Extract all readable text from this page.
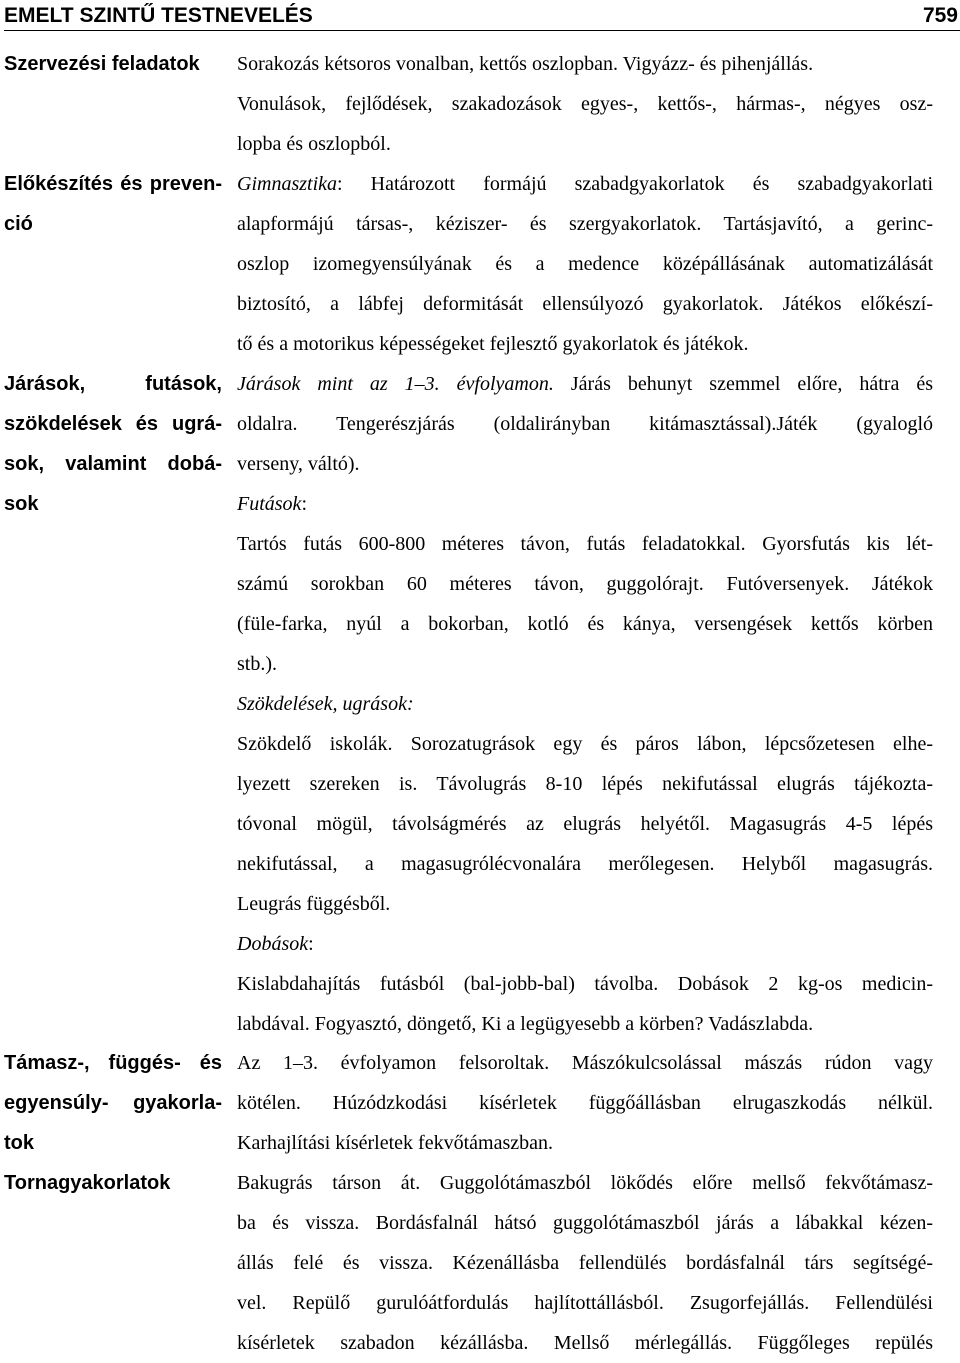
EMELT SZINTŰ TESTNEVELÉS	759
Szervezési feladatok
Előkészítés és preven-
ció
Járások, futások,
szökdelések és ugrá-
sok, valamint dobá-
sok
Támasz-, függés- és
egyensúly- gyakorla-
tok
Tornagyakorlatok
Sorakozás kétsoros vonalban, kettős oszlopban. Vigyázz- és pihenjállás.
Vonulások, fejlődések, szakadozások egyes-, kettős-, hármas-, négyes osz-
lopba és oszlopból.
Gimnasztika: Határozott formájú szabadgyakorlatok és szabadgyakorlati
alapformájú társas-, kéziszer- és szergyakorlatok. Tartásjavító, a gerinc-
oszlop izomegyensúlyának és a medence középállásának automatizálását
biztosító, a lábfej deformitását ellensúlyozó gyakorlatok. Játékos előkészí-
tő és a motorikus képességeket fejlesztő gyakorlatok és játékok.
Járások mint az 1–3. évfolyamon. Járás behunyt szemmel előre, hátra és
oldalra. Tengerészjárás (oldalirányban kitámasztással).Játék (gyalogló
verseny, váltó).
Futások:
Tartós futás 600-800 méteres távon, futás feladatokkal. Gyorsfutás kis lét-
számú sorokban 60 méteres távon, guggolórajt. Futóversenyek. Játékok
(füle-farka, nyúl a bokorban, kotló és kánya, versengések kettős körben
stb.).
Szökdelések, ugrások:
Szökdelő iskolák. Sorozatugrások egy és páros lábon, lépcsőzetesen elhe-
lyezett szereken is. Távolugrás 8-10 lépés nekifutással elugrás tájékozta-
tóvonal mögül, távolságmérés az elugrás helyétől. Magasugrás 4-5 lépés
nekifutással, a magasugrólécvonalára merőlegesen. Helyből magasugrás.
Leugrás függésből.
Dobások:
Kislabdahajítás futásból (bal-jobb-bal) távolba. Dobások 2 kg-os medicin-
labdával. Fogyasztó, döngető, Ki a legügyesebb a körben? Vadászlabda.
Az 1–3. évfolyamon felsoroltak. Mászókulcsolással mászás rúdon vagy
kötélen. Húzódzkodási kísérletek függőállásban elrugaszkodás nélkül.
Karhajlítási kísérletek fekvőtámaszban.
Bakugrás társon át. Guggolótámaszból lökődés előre mellső fekvőtámasz-
ba és vissza. Bordásfalnál hátsó guggolótámaszból járás a lábakkal kézen-
állás felé és vissza. Kézenállásba fellendülés bordásfalnál társ segítségé-
vel. Repülő gurulóátfordulás hajlítottállásból. Zsugorfejállás. Fellendülési
kísérletek szabadon kézállásba. Mellső mérlegállás. Függőleges repülés
